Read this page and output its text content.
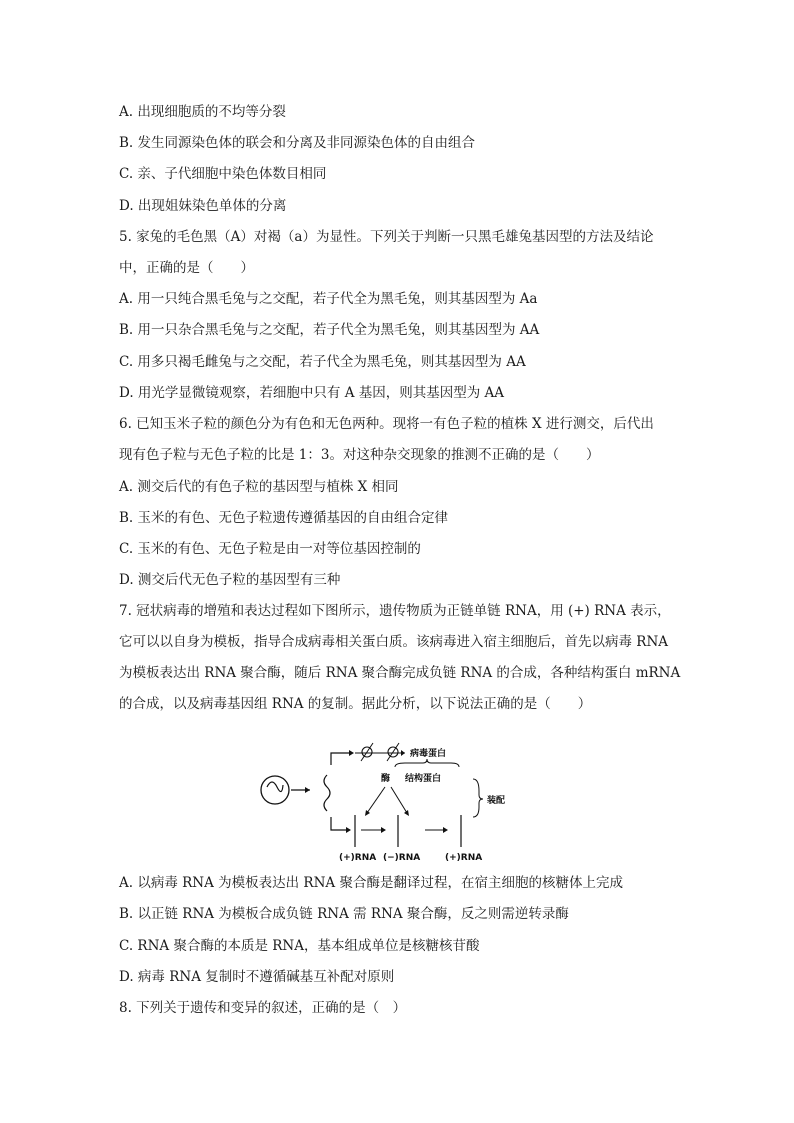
A. 出现细胞质的不均等分裂
B. 发生同源染色体的联会和分离及非同源染色体的自由组合
C. 亲、子代细胞中染色体数目相同
D. 出现姐妹染色单体的分离
5. 家兔的毛色黑（A）对褐（a）为显性。下列关于判断一只黑毛雄兔基因型的方法及结论
中，正确的是（　　）
A. 用一只纯合黑毛兔与之交配，若子代全为黑毛兔，则其基因型为 Aa
B. 用一只杂合黑毛兔与之交配，若子代全为黑毛兔，则其基因型为 AA
C. 用多只褐毛雌兔与之交配，若子代全为黑毛兔，则其基因型为 AA
D. 用光学显微镜观察，若细胞中只有 A 基因，则其基因型为 AA
6. 已知玉米子粒的颜色分为有色和无色两种。现将一有色子粒的植株 X 进行测交，后代出
现有色子粒与无色子粒的比是 1：3。对这种杂交现象的推测不正确的是（　　）
A. 测交后代的有色子粒的基因型与植株 X 相同
B. 玉米的有色、无色子粒遗传遵循基因的自由组合定律
C. 玉米的有色、无色子粒是由一对等位基因控制的
D. 测交后代无色子粒的基因型有三种
7. 冠状病毒的增殖和表达过程如下图所示，遗传物质为正链单链 RNA，用 (+) RNA 表示，
它可以以自身为模板，指导合成病毒相关蛋白质。该病毒进入宿主细胞后，首先以病毒 RNA
为模板表达出 RNA 聚合酶，随后 RNA 聚合酶完成负链 RNA 的合成，各种结构蛋白 mRNA
的合成，以及病毒基因组 RNA 的复制。据此分析，以下说法正确的是（　　）
A. 以病毒 RNA 为模板表达出 RNA 聚合酶是翻译过程，在宿主细胞的核糖体上完成
B. 以正链 RNA 为模板合成负链 RNA 需 RNA 聚合酶，反之则需逆转录酶
C. RNA 聚合酶的本质是 RNA，基本组成单位是核糖核苷酸
D. 病毒 RNA 复制时不遵循碱基互补配对原则
8. 下列关于遗传和变异的叙述，正确的是（　）
病毒蛋白
酶 结构蛋白
装配
(+)RNA (−)RNA	(+)RNA
